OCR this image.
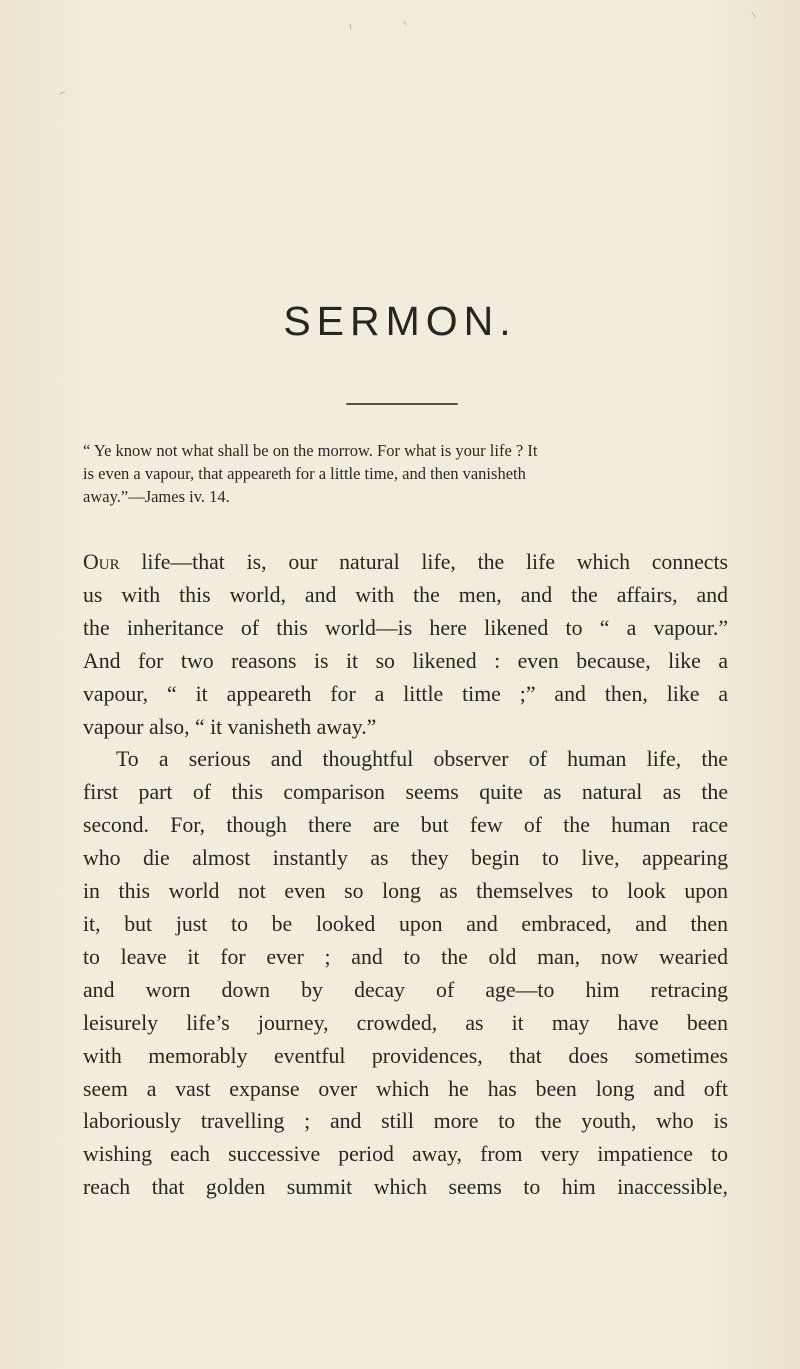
SERMON.
“ Ye know not what shall be on the morrow. For what is your life ? It
is even a vapour, that appeareth for a little time, and then vanisheth
away.”—James iv. 14.
Our life—that is, our natural life, the life which connects
us with this world, and with the men, and the affairs, and
the inheritance of this world—is here likened to “ a vapour.”
And for two reasons is it so likened : even because, like a
vapour, “ it appeareth for a little time ;” and then, like a
vapour also, “ it vanisheth away.”
To a serious and thoughtful observer of human life, the
first part of this comparison seems quite as natural as the
second. For, though there are but few of the human race
who die almost instantly as they begin to live, appearing
in this world not even so long as themselves to look upon
it, but just to be looked upon and embraced, and then
to leave it for ever ; and to the old man, now wearied
and worn down by decay of age—to him retracing
leisurely life’s journey, crowded, as it may have been
with memorably eventful providences, that does sometimes
seem a vast expanse over which he has been long and oft
laboriously travelling ; and still more to the youth, who is
wishing each successive period away, from very impatience to
reach that golden summit which seems to him inaccessible,
